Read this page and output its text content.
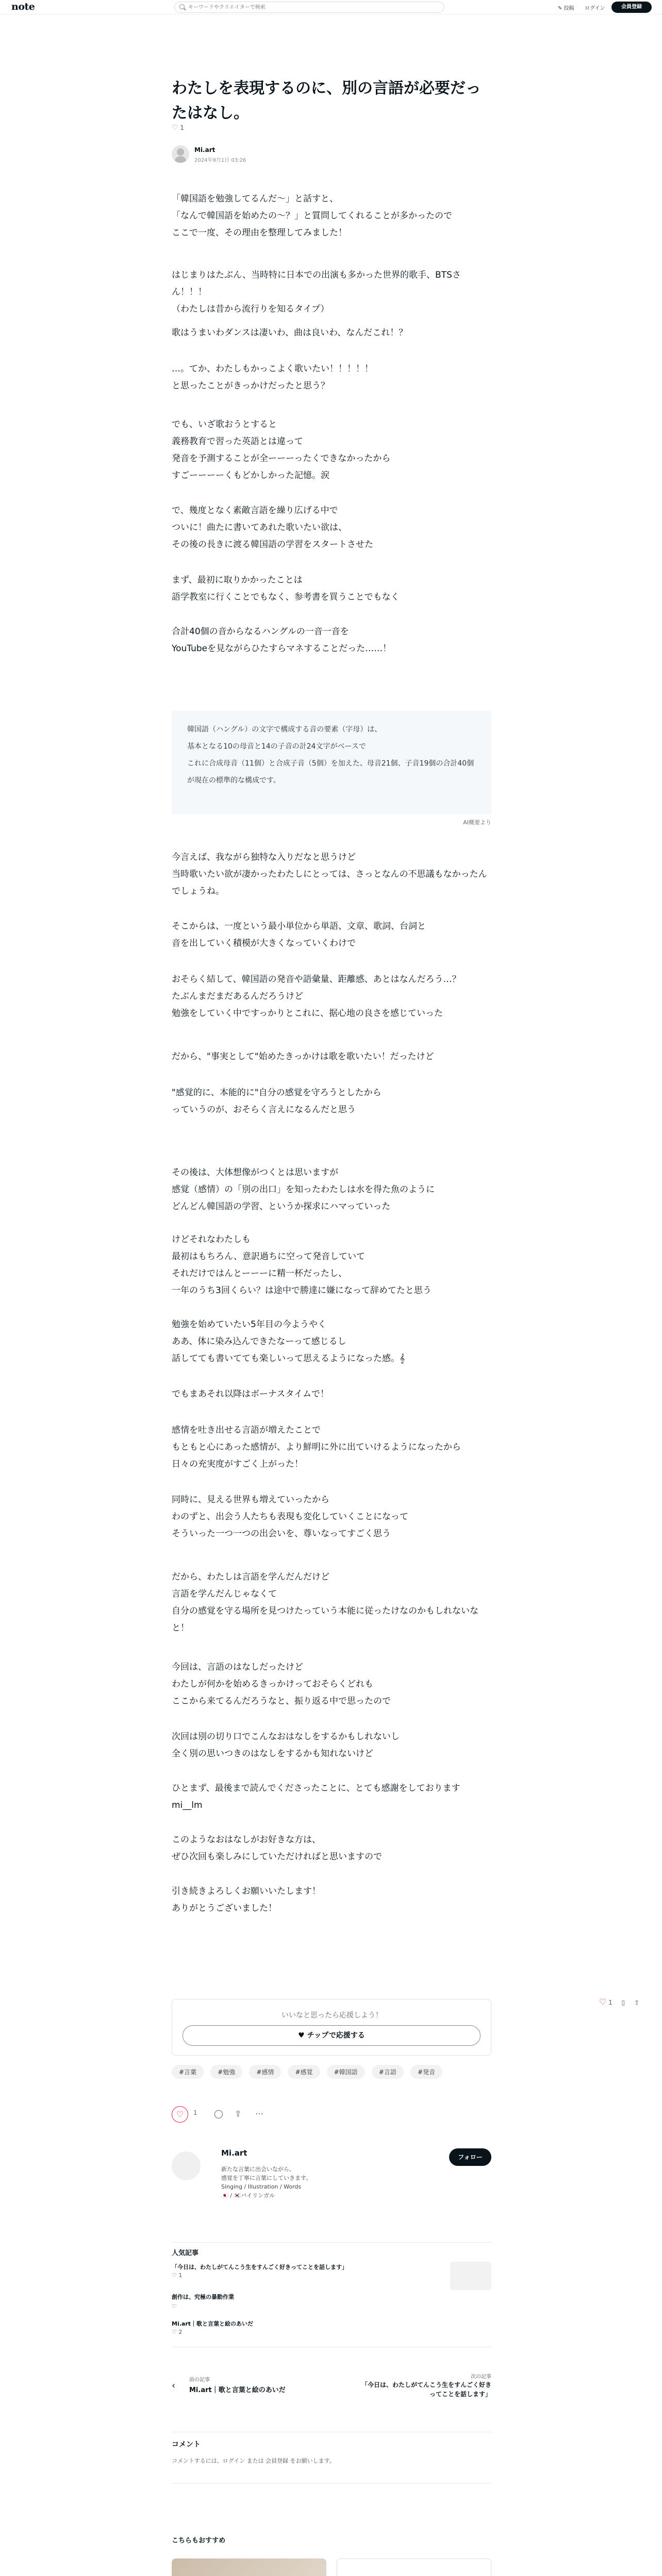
note
キーワードやクリエイターで検索	✎ 投稿 ログイン	会員登録
わたしを表現するのに、別の言語が必要だったはなし。
♡ 1
Mi.art
2024年9月1日 03:26

「韓国語を勉強してるんだ〜」と話すと、
「なんで韓国語を始めたの〜？」と質問してくれることが多かったので
ここで一度、その理由を整理してみました！

はじまりはたぶん、当時特に日本での出演も多かった世界的歌手、BTSさん！！！
（わたしは昔から流行りを知るタイプ）

歌はうまいわダンスは凄いわ、曲は良いわ、なんだこれ！？

…。てか、わたしもかっこよく歌いたい！！！！！
と思ったことがきっかけだったと思う？

でも、いざ歌おうとすると
義務教育で習った英語とは違って
発音を予測することが全ーーーったくできなかったから
すごーーーーくもどかしかった記憶。涙

で、幾度となく素敵言語を繰り広げる中で
ついに！曲たに書いてあれた歌いたい欲は、
その後の長きに渡る韓国語の学習をスタートさせた

まず、最初に取りかかったことは
語学教室に行くことでもなく、参考書を買うことでもなく

合計40個の音からなるハングルの一音一音を
YouTubeを見ながらひたすらマネすることだった……！

韓国語（ハングル）の文字で構成する音の要素（字母）は、
基本となる10の母音と14の子音の計24文字がベースで
これに合成母音（11個）と合成子音（5個）を加えた、母音21個、子音19個の合計40個が現在の標準的な構成です。

AI概要より

今言えば、我ながら独特な入りだなと思うけど
当時歌いたい欲が凄かったわたしにとっては、さっとなんの不思議もなかったんでしょうね。

そこからは、一度という最小単位から単語、文章、歌詞、台詞と
音を出していく積模が大きくなっていくわけで

おそらく結して、韓国語の発音や語彙量、距離感、あとはなんだろう…？
たぶんまだまだあるんだろうけど
勉強をしていく中ですっかりとこれに、据心地の良さを感じていった

だから、"事実として"始めたきっかけは歌を歌いたい！だったけど

"感覚的に、本能的に"自分の感覚を守ろうとしたから
っていうのが、おそらく言えになるんだと思う

その後は、大体想像がつくとは思いますが
感覚（感情）の「別の出口」を知ったわたしは水を得た魚のように
どんどん韓国語の学習、というか探求にハマっていった

けどそれなわたしも
最初はもちろん、意訳過ちに空って発音していて
それだけではんとーーーに精一杯だったし、
一年のうち3回くらい？は途中で勝達に嫌になって辞めてたと思う

勉強を始めていたい5年目の今ようやく
ああ、体に染み込んできたなーって感じるし
話してても書いてても楽しいって思えるようになった感。𝄞

でもまあそれ以降はボーナスタイムで！

感情を吐き出せる言語が増えたことで
もともと心にあった感情が、より鮮明に外に出ていけるようになったから
日々の充実度がすごく上がった！

同時に、見える世界も増えていったから
わのずと、出会う人たちも表現も変化していくことになって
そういった一つ一つの出会いを、尊いなってすごく思う

だから、わたしは言語を学んだんだけど
言語を学んだんじゃなくて
自分の感覚を守る場所を見つけたっていう本能に従ったけなのかもしれないなと！

今回は、言語のはなしだったけど
わたしが何かを始めるきっかけっておそらくどれも
ここから来てるんだろうなと、振り返る中で思ったので

次回は別の切り口でこんなおはなしをするかもしれないし
全く別の思いつきのはなしをするかも知れないけど

ひとまず、最後まで読んでくださったことに、とても感謝をしております
mi__lm

このようなおはなしがお好きな方は、
ぜひ次回も楽しみにしていただければと思いますので

引き続きよろしくお願いいたします！
ありがとうございました！

いいなと思ったら応援しよう！
♥ チップで応援する
#言葉	#勉強	#感情	#感覚	#韓国語	#言語	#発音
♡	1 ◯ ⇪ ⋯
Mi.art
新たな言葉に出会いながら、
感覚を丁寧に言葉にしていきます。
Singing / Illustration / Words
🇯🇵 / 🇰🇷バイリンガル
フォロー
人気記事
「今日は、わたしがてんこう生をすんごく好きってことを話します」
♡ 1
創作は、究極の暴動作業
♡
Mi.art｜歌と言葉と絵のあいだ
♡ 2
前の記事
Mi.art｜歌と言葉と絵のあいだ
‹
次の記事
「今日は、わたしがてんこう生をすんごく好きってことを話します」
コメント
コメントするには、ログイン または 会員登録 をお願いします。
こちらもおすすめ
♡ 1 ▯ ⇪
